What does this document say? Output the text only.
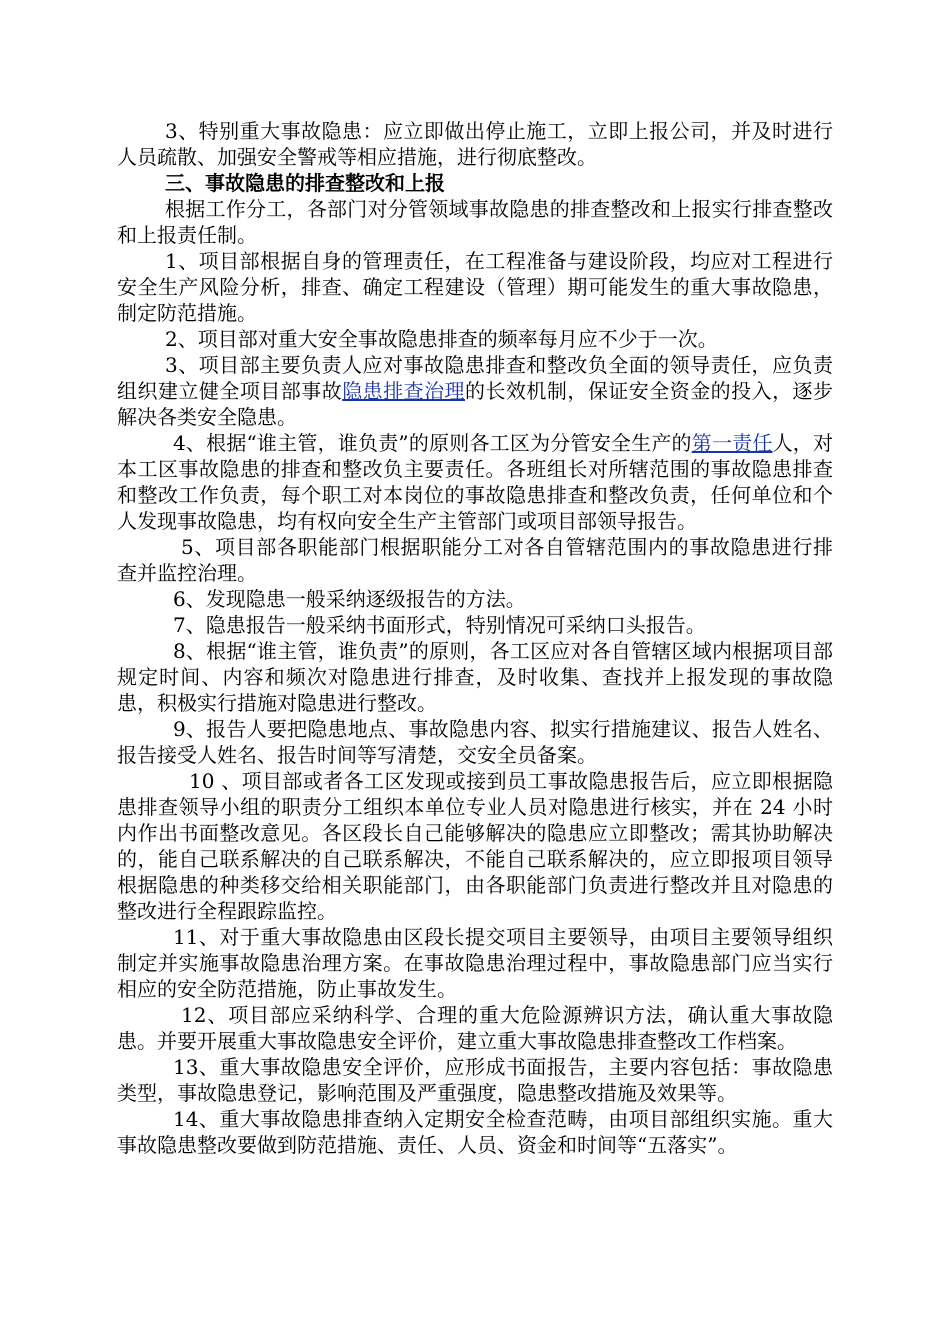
3、特别重大事故隐患：应立即做出停止施工，立即上报公司，并及时进行人员疏散、加强安全警戒等相应措施，进行彻底整改。

三、事故隐患的排查整改和上报

根据工作分工，各部门对分管领域事故隐患的排查整改和上报实行排查整改和上报责任制。

1、项目部根据自身的管理责任，在工程准备与建设阶段，均应对工程进行安全生产风险分析，排查、确定工程建设（管理）期可能发生的重大事故隐患，制定防范措施。

2、项目部对重大安全事故隐患排查的频率每月应不少于一次。

3、项目部主要负责人应对事故隐患排查和整改负全面的领导责任，应负责组织建立健全项目部事故隐患排查治理的长效机制，保证安全资金的投入，逐步解决各类安全隐患。

4、根据“谁主管，谁负责”的原则各工区为分管安全生产的第一责任人，对本工区事故隐患的排查和整改负主要责任。各班组长对所辖范围的事故隐患排查和整改工作负责，每个职工对本岗位的事故隐患排查和整改负责，任何单位和个人发现事故隐患，均有权向安全生产主管部门或项目部领导报告。

5、项目部各职能部门根据职能分工对各自管辖范围内的事故隐患进行排查并监控治理。

6、发现隐患一般采纳逐级报告的方法。

7、隐患报告一般采纳书面形式，特别情况可采纳口头报告。

8、根据“谁主管，谁负责”的原则，各工区应对各自管辖区域内根据项目部规定时间、内容和频次对隐患进行排查，及时收集、查找并上报发现的事故隐患，积极实行措施对隐患进行整改。

9、报告人要把隐患地点、事故隐患内容、拟实行措施建议、报告人姓名、报告接受人姓名、报告时间等写清楚，交安全员备案。

10 、项目部或者各工区发现或接到员工事故隐患报告后，应立即根据隐患排查领导小组的职责分工组织本单位专业人员对隐患进行核实，并在 24 小时内作出书面整改意见。各区段长自己能够解决的隐患应立即整改；需其协助解决的，能自己联系解决的自己联系解决，不能自己联系解决的，应立即报项目领导根据隐患的种类移交给相关职能部门，由各职能部门负责进行整改并且对隐患的整改进行全程跟踪监控。

11、对于重大事故隐患由区段长提交项目主要领导，由项目主要领导组织制定并实施事故隐患治理方案。在事故隐患治理过程中，事故隐患部门应当实行相应的安全防范措施，防止事故发生。

12、项目部应采纳科学、合理的重大危险源辨识方法，确认重大事故隐患。并要开展重大事故隐患安全评价，建立重大事故隐患排查整改工作档案。

13、重大事故隐患安全评价，应形成书面报告，主要内容包括：事故隐患类型，事故隐患登记，影响范围及严重强度，隐患整改措施及效果等。

14、重大事故隐患排查纳入定期安全检查范畴，由项目部组织实施。重大事故隐患整改要做到防范措施、责任、人员、资金和时间等“五落实”。
